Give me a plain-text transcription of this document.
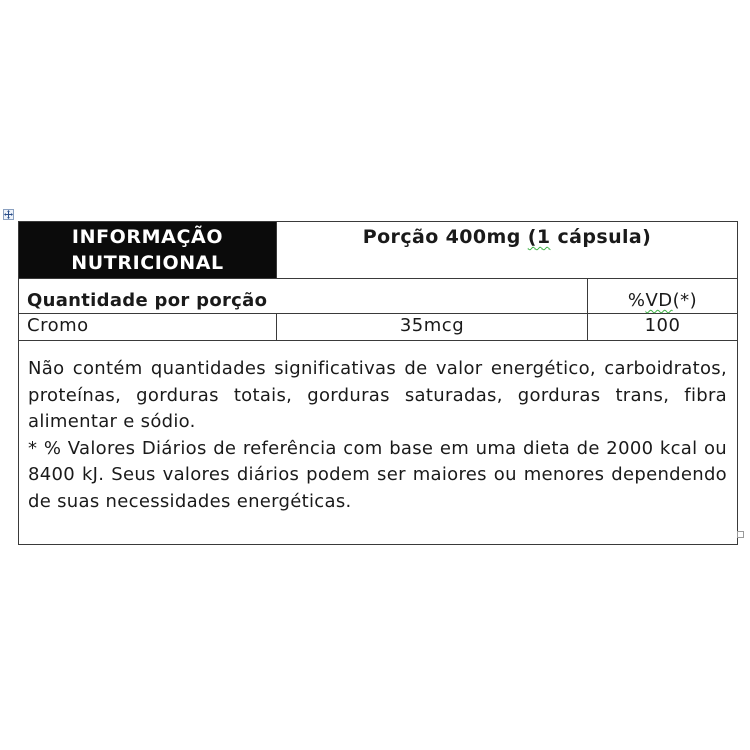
INFORMAÇÃO
NUTRICIONAL	Porção 400mg (1 cápsula)	
Quantidade por porção		%VD(*)
Cromo	35mcg	100

Não contém quantidades significativas de valor energético, carboidratos, proteínas, gorduras totais, gorduras saturadas, gorduras trans, fibra alimentar e sódio.

* % Valores Diários de referência com base em uma dieta de 2000 kcal ou 8400 kJ. Seus valores diários podem ser maiores ou menores dependendo de suas necessidades energéticas.		
